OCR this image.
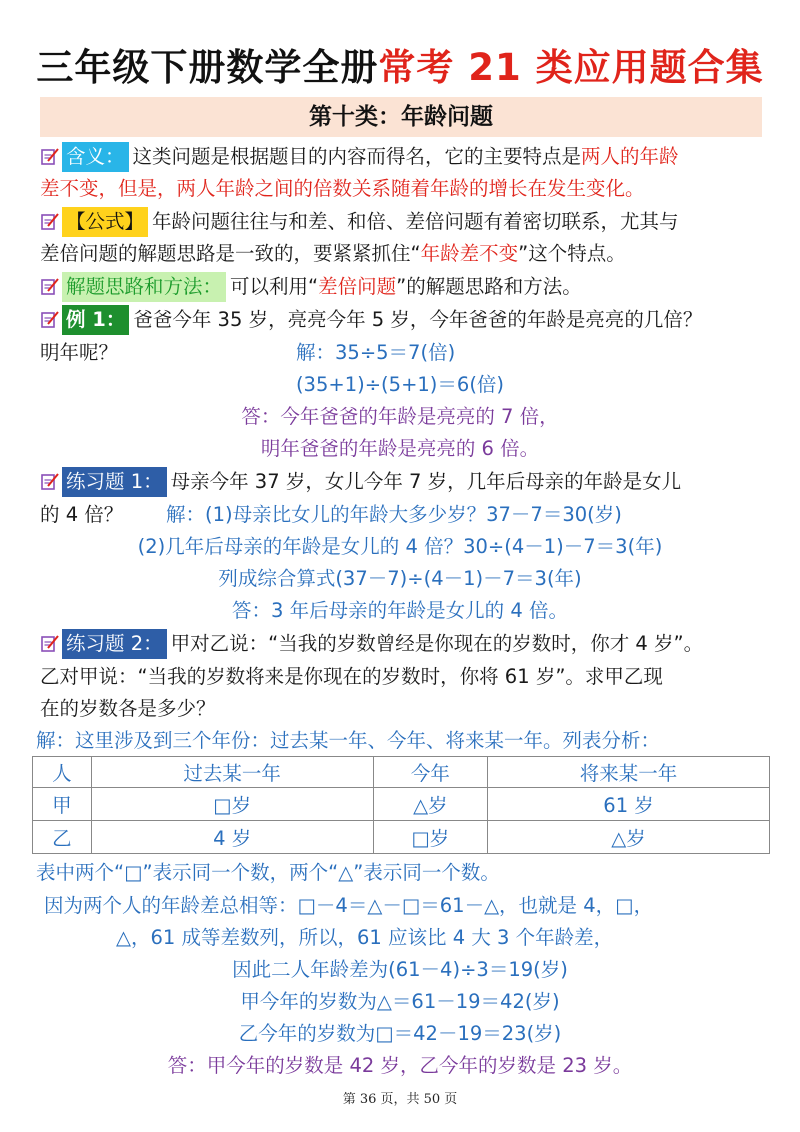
三年级下册数学全册常考 21 类应用题合集
第十类：年龄问题
含义： 这类问题是根据题目的内容而得名，它的主要特点是两人的年龄
差不变，但是，两人年龄之间的倍数关系随着年龄的增长在发生变化。
【公式】 年龄问题往往与和差、和倍、差倍问题有着密切联系，尤其与
差倍问题的解题思路是一致的，要紧紧抓住“年龄差不变”这个特点。
解题思路和方法： 可以利用“差倍问题”的解题思路和方法。
例 1： 爸爸今年 35 岁，亮亮今年 5 岁，今年爸爸的年龄是亮亮的几倍？
明年呢？	解：35÷5＝7(倍)
(35+1)÷(5+1)＝6(倍)
答：今年爸爸的年龄是亮亮的 7 倍，
明年爸爸的年龄是亮亮的 6 倍。
练习题 1： 母亲今年 37 岁，女儿今年 7 岁，几年后母亲的年龄是女儿
的 4 倍？ 解：(1)母亲比女儿的年龄大多少岁？37－7＝30(岁)
(2)几年后母亲的年龄是女儿的 4 倍？30÷(4－1)－7＝3(年)
列成综合算式(37－7)÷(4－1)－7＝3(年)
答：3 年后母亲的年龄是女儿的 4 倍。
练习题 2： 甲对乙说：“当我的岁数曾经是你现在的岁数时，你才 4 岁”。
乙对甲说：“当我的岁数将来是你现在的岁数时，你将 61 岁”。求甲乙现
在的岁数各是多少？
解：这里涉及到三个年份：过去某一年、今年、将来某一年。列表分析：
人	过去某一年	今年	将来某一年
甲	□岁	△岁	61 岁
乙	4 岁	□岁	△岁
表中两个“□”表示同一个数，两个“△”表示同一个数。
因为两个人的年龄差总相等：□－4＝△－□＝61－△，也就是 4，□，
△，61 成等差数列，所以，61 应该比 4 大 3 个年龄差，
因此二人年龄差为(61－4)÷3＝19(岁)
甲今年的岁数为△＝61－19＝42(岁)
乙今年的岁数为□＝42－19＝23(岁)
答：甲今年的岁数是 42 岁，乙今年的岁数是 23 岁。
第 36 页，共 50 页
